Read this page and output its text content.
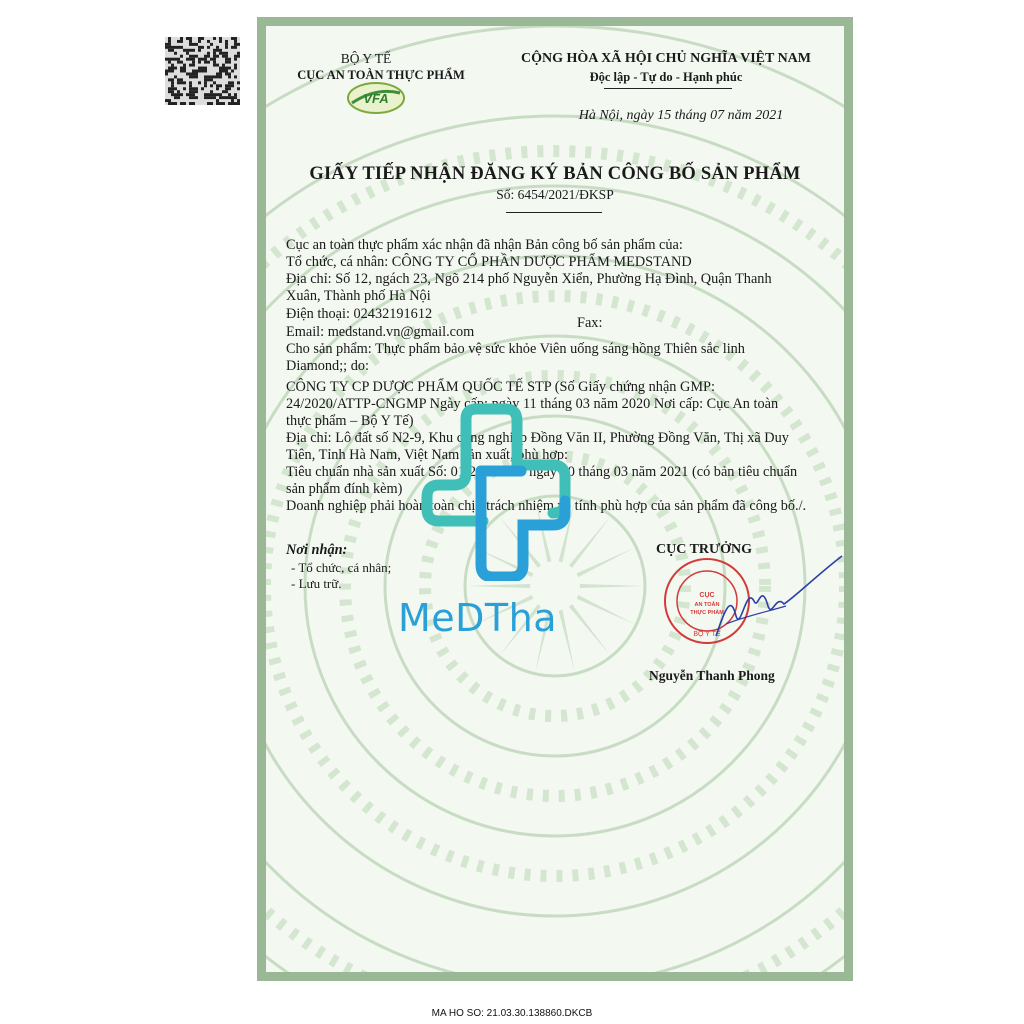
BỘ Y TẾ
CỤC AN TOÀN THỰC PHẨM
VFA
CỘNG HÒA XÃ HỘI CHỦ NGHĨA VIỆT NAM
Độc lập - Tự do - Hạnh phúc
Hà Nội, ngày 15 tháng 07 năm 2021
GIẤY TIẾP NHẬN ĐĂNG KÝ BẢN CÔNG BỐ SẢN PHẨM
Số: 6454/2021/ĐKSP
Cục an toàn thực phẩm xác nhận đã nhận Bản công bố sản phẩm của:
Tổ chức, cá nhân: CÔNG TY CỔ PHẦN DƯỢC PHẨM MEDSTAND
Địa chỉ: Số 12, ngách 23, Ngõ 214 phố Nguyễn Xiển, Phường Hạ Đình, Quận Thanh
Xuân, Thành phố Hà Nội
Điện thoại: 02432191612
Email: medstand.vn@gmail.com
Cho sản phẩm: Thực phẩm bảo vệ sức khỏe Viên uống sáng hồng Thiên sắc linh
Diamond;; do:
CÔNG TY CP DƯỢC PHẨM QUỐC TẾ STP (Số Giấy chứng nhận GMP:
24/2020/ATTP-CNGMP Ngày cấp: ngày 11 tháng 03 năm 2020 Nơi cấp: Cục An toàn
thực phẩm – Bộ Y Tế)
Địa chỉ: Lô đất số N2-9, Khu công nghiệp Đồng Văn II, Phường Đồng Văn, Thị xã Duy
Tiên, Tỉnh Hà Nam, Việt Nam sản xuất, phù hợp:
Tiêu chuẩn nhà sản xuất Số: 01/2021/STP ngày 20 tháng 03 năm 2021 (có bản tiêu chuẩn
sản phẩm đính kèm)
Doanh nghiệp phải hoàn toàn chịu trách nhiệm về tính phù hợp của sản phẩm đã công bố./.
Fax:
Nơi nhận:
- Tổ chức, cá nhân;
- Lưu trữ.
CỤC TRƯỞNG
BỘ Y TẾ
CỤC
AN TOÀN
THỰC PHẨM
Nguyễn Thanh Phong
MeDTha
MA HO SO: 21.03.30.138860.DKCB
